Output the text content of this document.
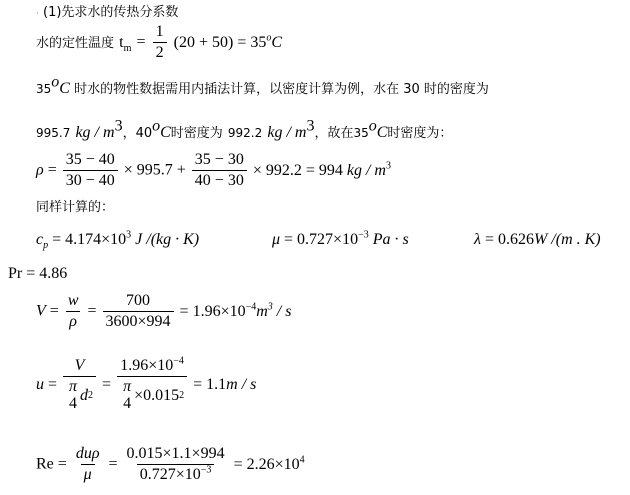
· (1)先求水的传热分系数
水的定性温度 $t_m = \frac{1}{2} (20 + 50) = 35^oC$
35$^o$C 时水的物性数据需用内插法计算，以密度计算为例，水在 30 时的密度为
995.7 kg / $m^3$，40$^o$C时密度为 992.2 kg / $m^3$，故在35$^o$C时密度为：
$\rho = \frac{35 - 40}{30 - 40} \times 995.7 + \frac{35 - 30}{40 - 30} \times 992.2 = 994$ kg / $m^3$
同样计算的：
$c_p = 4.174\times 10^3$ J /(kg · K)	$\mu = 0.727\times 10^{-3}$ Pa · s	λ = 0.626W /(m . K)
Pr = 4.86
$V = \frac{w}{\rho} = \frac{700}{3600\times 994} = 1.96\times 10^{-4}m^3 / s$
u = V
π
4 d $2 = 1.96\times 10^{-4}$
π
4 ×0.015 2 = 1.1m / s
$Re = \frac{\text{duρ}}{\mu} = \frac{0.015\times 1.1\times 994}{0.727\times 10^{-3}} = 2.26\times 10^4$
